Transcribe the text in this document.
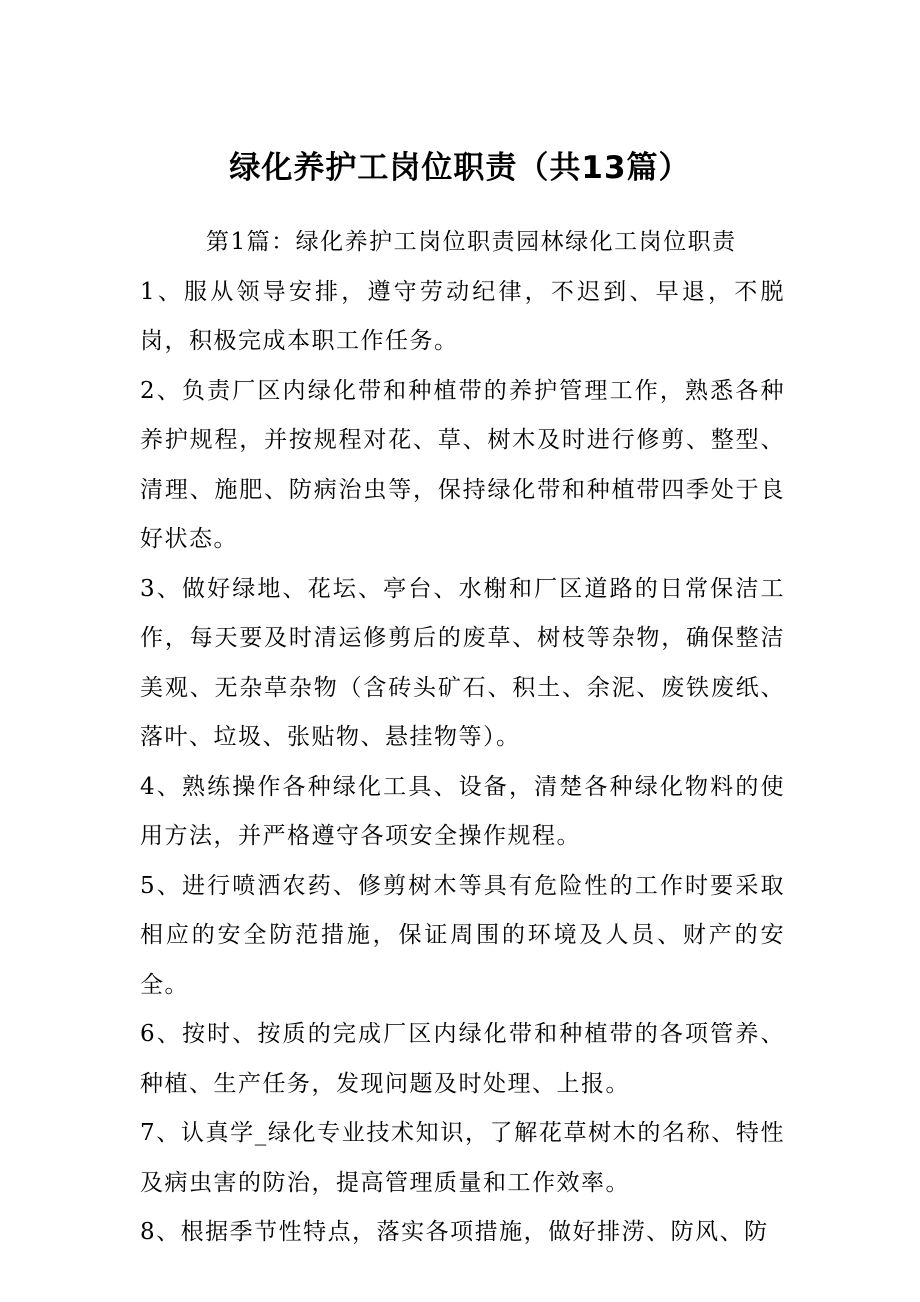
绿化养护工岗位职责（共13篇）

第1篇：绿化养护工岗位职责园林绿化工岗位职责

1、服从领导安排，遵守劳动纪律，不迟到、早退，不脱岗，积极完成本职工作任务。

2、负责厂区内绿化带和种植带的养护管理工作，熟悉各种养护规程，并按规程对花、草、树木及时进行修剪、整型、清理、施肥、防病治虫等，保持绿化带和种植带四季处于良好状态。

3、做好绿地、花坛、亭台、水榭和厂区道路的日常保洁工作，每天要及时清运修剪后的废草、树枝等杂物，确保整洁美观、无杂草杂物（含砖头矿石、积土、余泥、废铁废纸、落叶、垃圾、张贴物、悬挂物等）。

4、熟练操作各种绿化工具、设备，清楚各种绿化物料的使用方法，并严格遵守各项安全操作规程。

5、进行喷洒农药、修剪树木等具有危险性的工作时要采取相应的安全防范措施，保证周围的环境及人员、财产的安全。

6、按时、按质的完成厂区内绿化带和种植带的各项管养、种植、生产任务，发现问题及时处理、上报。

7、认真学_绿化专业技术知识，了解花草树木的名称、特性及病虫害的防治，提高管理质量和工作效率。

8、根据季节性特点，落实各项措施，做好排涝、防风、防
